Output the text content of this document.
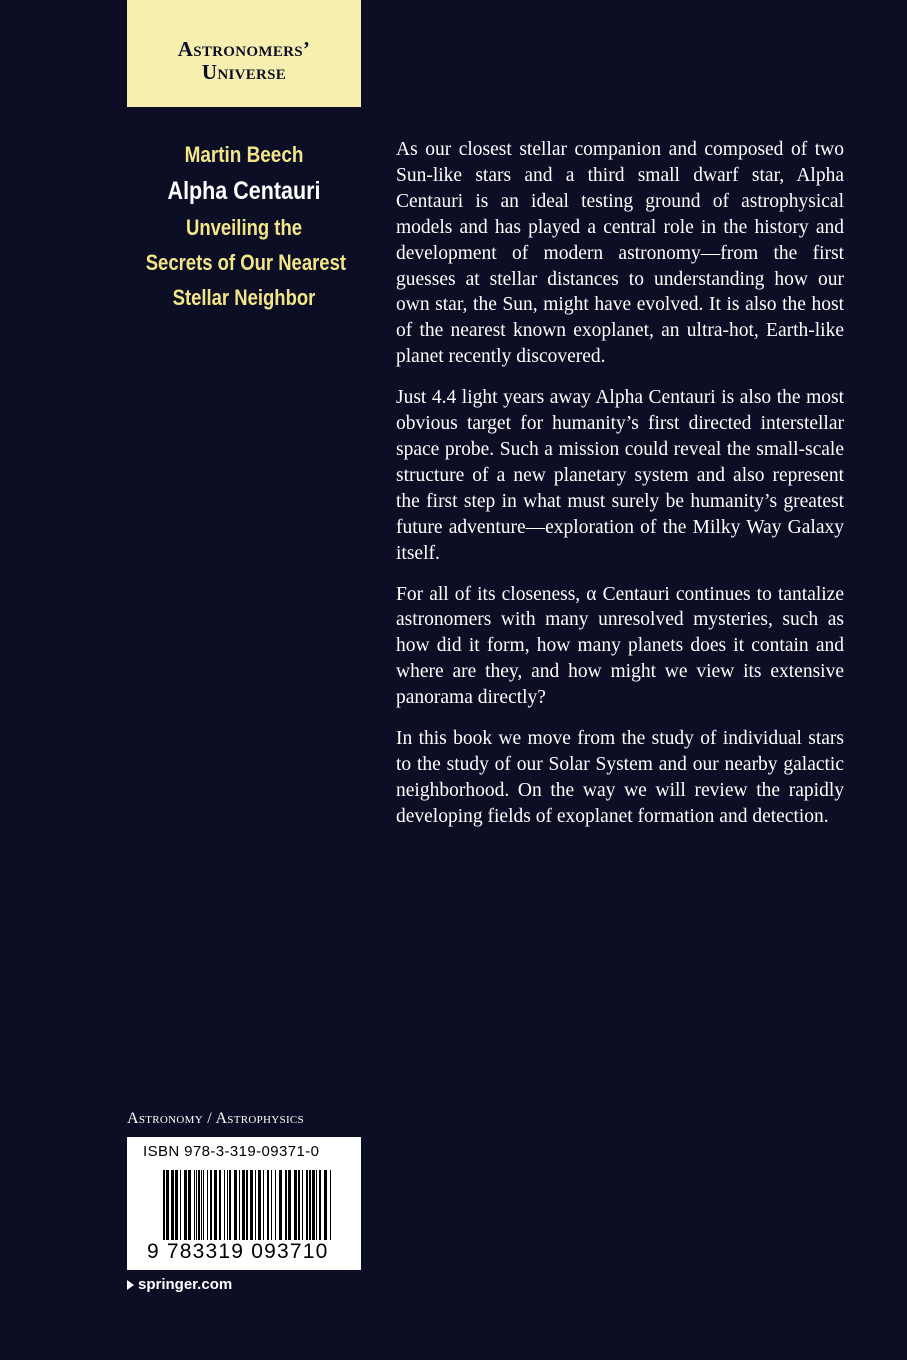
Astronomers’
Universe
Martin Beech
Alpha Centauri
Unveiling the
Secrets of Our Nearest
Stellar Neighbor

As our closest stellar companion and composed of two Sun-like stars and a third small dwarf star, Alpha Centauri is an ideal testing ground of astrophysical models and has played a central role in the history and development of modern astronomy—from the first guesses at stellar distances to understanding how our own star, the Sun, might have evolved. It is also the host of the nearest known exoplanet, an ultra-hot, Earth-like planet recently discovered.

Just 4.4 light years away Alpha Centauri is also the most obvious target for humanity’s first directed interstellar space probe. Such a mission could reveal the small-scale structure of a new planetary system and also represent the first step in what must surely be humanity’s greatest future adventure—exploration of the Milky Way Galaxy itself.

For all of its closeness, α Centauri continues to tantalize astronomers with many unresolved mysteries, such as how did it form, how many planets does it contain and where are they, and how might we view its extensive panorama directly?

In this book we move from the study of individual stars to the study of our Solar System and our nearby galactic neighborhood. On the way we will review the rapidly developing fields of exoplanet formation and detection.

Astronomy / Astrophysics
ISBN 978-3-319-09371-0
9 783319 093710
springer.com
